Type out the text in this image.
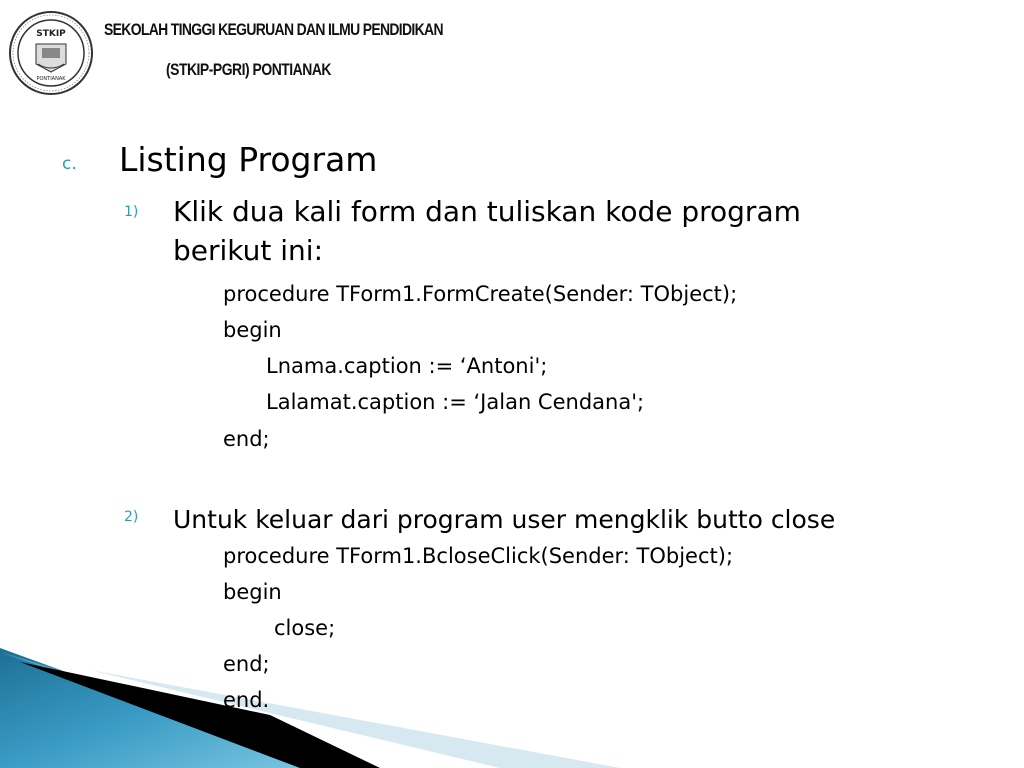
STKIP
PONTIANAK
SEKOLAH TINGGI KEGURUAN DAN ILMU PENDIDIKAN
(STKIP-PGRI) PONTIANAK
c. Listing Program
1) Klik dua kali form dan tuliskan kode program
berikut ini:
procedure TForm1.FormCreate(Sender: TObject);
begin
Lnama.caption := ‘Antoni';
Lalamat.caption := ‘Jalan Cendana';
end;
2) Untuk keluar dari program user mengklik butto close
procedure TForm1.BcloseClick(Sender: TObject);
begin
close;
end;
end.
